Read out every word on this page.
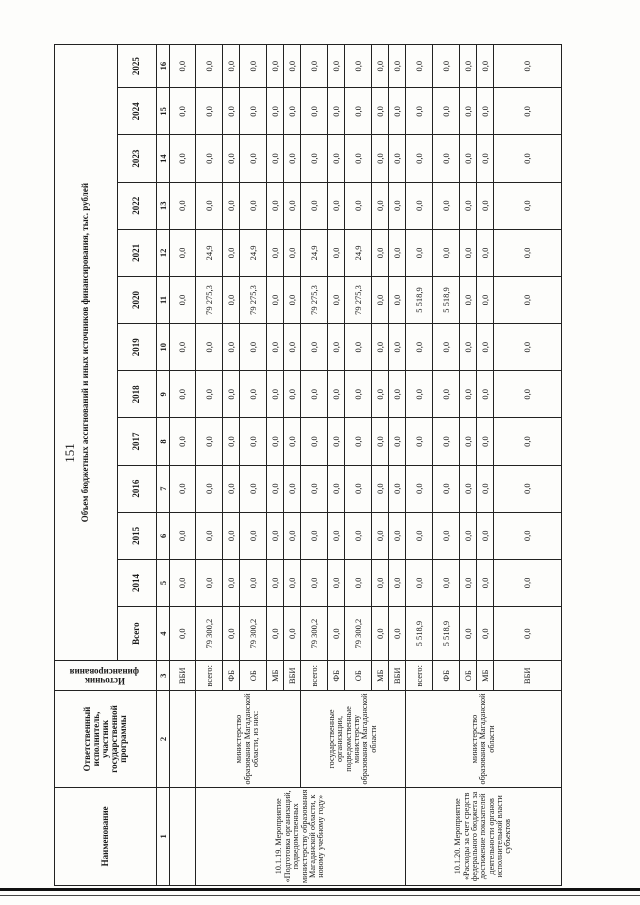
151
Наименование	Ответственный исполнитель, участник государственной программы	Источник финансирования	Объем бюджетных ассигнований и иных источников финансирования, тыс. рублей												
			Всего	2014	2015	2016	2017	2018	2019	2020	2021	2022	2023	2024	2025
1	2	3	4	5	6	7	8	9	10	11	12	13	14	15	16
		ВБИ	0,0	0,0	0,0	0,0	0,0	0,0	0,0	0,0	0,0	0,0	0,0	0,0	0,0
10.1.19. Мероприятие «Подготовка организаций, подведомственных министерству образования Магаданской области, к новому учебному году»	министерство образования Магаданской области, из них:	всего:	79 300,2	0,0	0,0	0,0	0,0	0,0	0,0	79 275,3	24,9	0,0	0,0	0,0	0,0
		ФБ	0,0	0,0	0,0	0,0	0,0	0,0	0,0	0,0	0,0	0,0	0,0	0,0	0,0
		ОБ	79 300,2	0,0	0,0	0,0	0,0	0,0	0,0	79 275,3	24,9	0,0	0,0	0,0	0,0
		МБ	0,0	0,0	0,0	0,0	0,0	0,0	0,0	0,0	0,0	0,0	0,0	0,0	0,0
		ВБИ	0,0	0,0	0,0	0,0	0,0	0,0	0,0	0,0	0,0	0,0	0,0	0,0	0,0
	государственные организации, подведомственные министерству образования Магаданской области	всего:	79 300,2	0,0	0,0	0,0	0,0	0,0	0,0	79 275,3	24,9	0,0	0,0	0,0	0,0
		ФБ	0,0	0,0	0,0	0,0	0,0	0,0	0,0	0,0	0,0	0,0	0,0	0,0	0,0
		ОБ	79 300,2	0,0	0,0	0,0	0,0	0,0	0,0	79 275,3	24,9	0,0	0,0	0,0	0,0
		МБ	0,0	0,0	0,0	0,0	0,0	0,0	0,0	0,0	0,0	0,0	0,0	0,0	0,0
		ВБИ	0,0	0,0	0,0	0,0	0,0	0,0	0,0	0,0	0,0	0,0	0,0	0,0	0,0
10.1.20. Мероприятие «Расходы за счет средств федерального бюджета за достижение показателей деятельности органов исполнительной власти субъектов	министерство образования Магаданской области	всего:	5 518,9	0,0	0,0	0,0	0,0	0,0	0,0	5 518,9	0,0	0,0	0,0	0,0	0,0
		ФБ	5 518,9	0,0	0,0	0,0	0,0	0,0	0,0	5 518,9	0,0	0,0	0,0	0,0	0,0
		ОБ	0,0	0,0	0,0	0,0	0,0	0,0	0,0	0,0	0,0	0,0	0,0	0,0	0,0
		МБ	0,0	0,0	0,0	0,0	0,0	0,0	0,0	0,0	0,0	0,0	0,0	0,0	0,0
		ВБИ	0,0	0,0	0,0	0,0	0,0	0,0	0,0	0,0	0,0	0,0	0,0	0,0	0,0
